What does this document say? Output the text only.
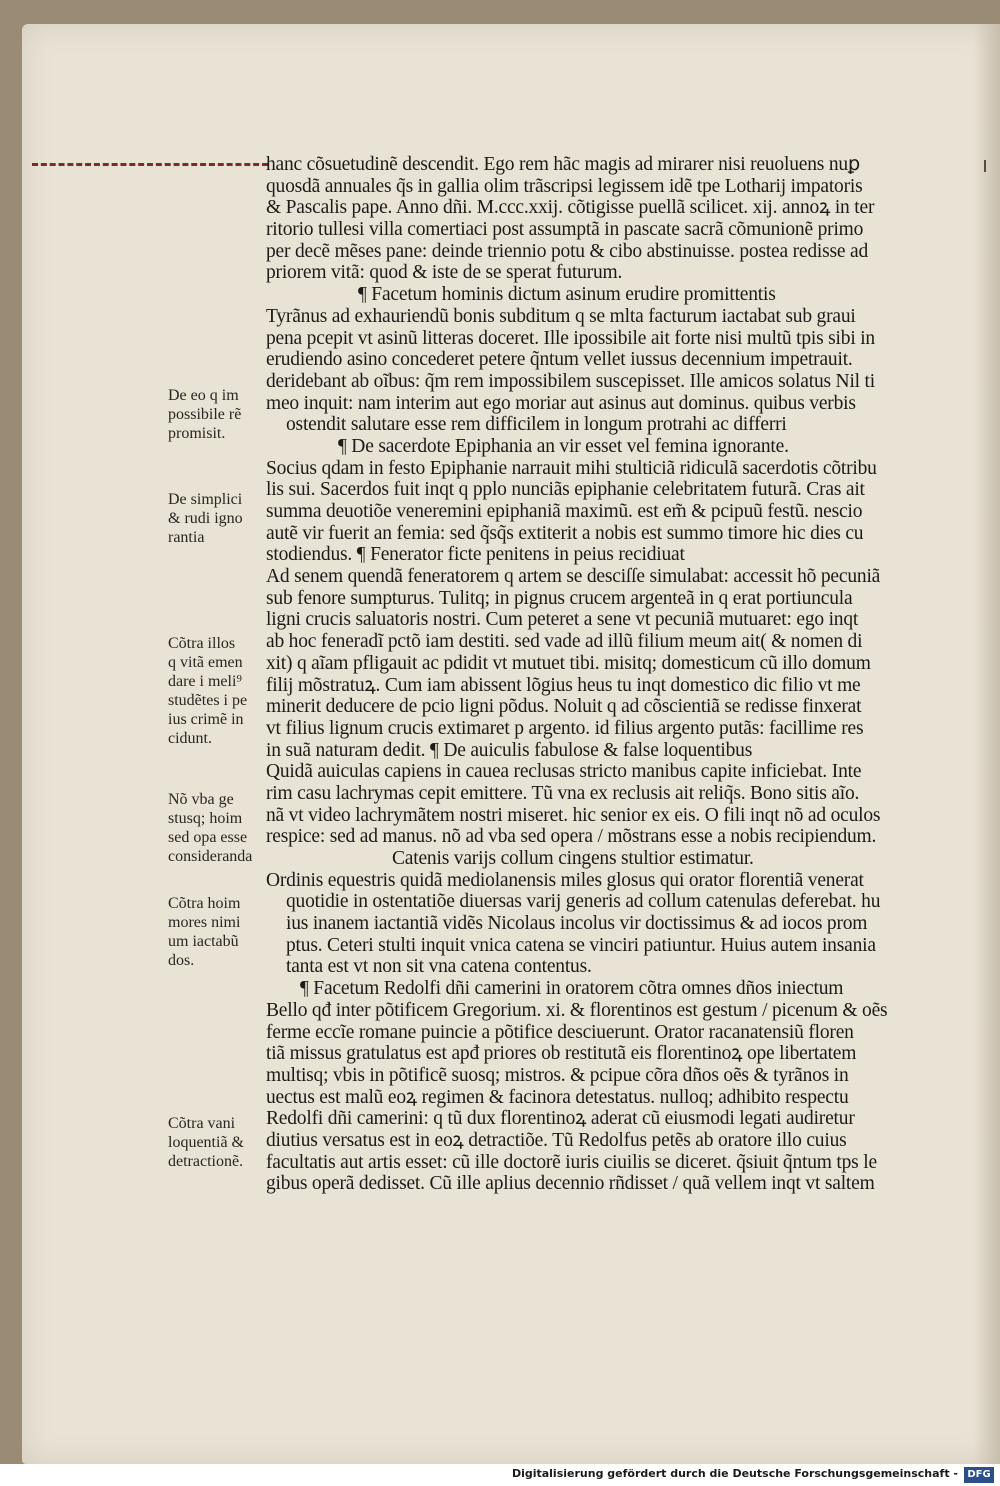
hanc cõsuetudinẽ descendit. Ego rem hãc magis ad mirarer nisi reuoluens nuꝑ
quosdã annuales q̃s in gallia olim trãscripsi legissem idẽ tpe Lotharij impatoris
& Pascalis pape. Anno dñi. M.ccc.xxij. cõtigisse puellã scilicet. xij. annoꝝ in ter
ritorio tullesi villa comertiaci post assumptã in pascate sacrã cõmunionẽ primo
per decẽ mẽses pane: deinde triennio potu & cibo abstinuisse. postea redisse ad
priorem vitã: quod & iste de se sperat futurum.
¶ Facetum hominis dictum asinum erudire promittentis
Tyrãnus ad exhauriendũ bonis subditum q se mlta facturum iactabat sub graui
pena pcepit vt asinũ litteras doceret. Ille ipossibile ait forte nisi multũ tpis sibi in
erudiendo asino concederet petere q̃ntum vellet iussus decennium impetrauit.
deridebant ab oĩbus: q̃m rem impossibilem suscepisset. Ille amicos solatus Nil ti
meo inquit: nam interim aut ego moriar aut asinus aut dominus. quibus verbis
ostendit salutare esse rem difficilem in longum protrahi ac differri
¶ De sacerdote Epiphania an vir esset vel femina ignorante.
Socius qdam in festo Epiphanie narrauit mihi stulticiã ridiculã sacerdotis cõtribu
lis sui. Sacerdos fuit inqt q pplo nunciãs epiphanie celebritatem futurã. Cras ait
summa deuotiõe veneremini epiphaniã maximũ. est em̃ & pcipuũ festũ. nescio
autẽ vir fuerit an femia: sed q̃sq̃s extiterit a nobis est summo timore hic dies cu
stodiendus. ¶ Fenerator ficte penitens in peius recidiuat
Ad senem quendã feneratorem q artem se desciſſe simulabat: accessit hõ pecuniã
sub fenore sumpturus. Tulitq; in pignus crucem argenteã in q erat portiuncula
ligni crucis saluatoris nostri. Cum peteret a sene vt pecuniã mutuaret: ego inqt
ab hoc feneradĩ pctõ iam destiti. sed vade ad illũ filium meum ait( & nomen di
xit) q aĩam pfligauit ac pdidit vt mutuet tibi. misitq; domesticum cũ illo domum
filij mõstratuꝝ. Cum iam abissent lõgius heus tu inqt domestico dic filio vt me
minerit deducere de pcio ligni põdus. Noluit q ad cõscientiã se redisse finxerat
vt filius lignum crucis extimaret p argento. id filius argento putãs: facillime res
in suã naturam dedit. ¶ De auiculis fabulose & false loquentibus
Quidã auiculas capiens in cauea reclusas stricto manibus capite inficiebat. Inte
rim casu lachrymas cepit emittere. Tũ vna ex reclusis ait reliq̃s. Bono sitis aĩo.
nã vt video lachrymãtem nostri miseret. hic senior ex eis. O fili inqt nõ ad oculos
respice: sed ad manus. nõ ad vba sed opera / mõstrans esse a nobis recipiendum.
Catenis varijs collum cingens stultior estimatur.
Ordinis equestris quidã mediolanensis miles glosus qui orator florentiã venerat
quotidie in ostentatiõe diuersas varij generis ad collum catenulas deferebat. hu
ius inanem iactantiã vidẽs Nicolaus incolus vir doctissimus & ad iocos prom
ptus. Ceteri stulti inquit vnica catena se vinciri patiuntur. Huius autem insania
tanta est vt non sit vna catena contentus.
¶ Facetum Redolfi dñi camerini in oratorem cõtra omnes dños iniectum
Bello qđ inter põtificem Gregorium. xi. & florentinos est gestum / picenum & oẽs
ferme eccĩe romane puincie a põtifice desciuerunt. Orator racanatensiũ floren
tiã missus gratulatus est apđ priores ob restitutã eis florentinoꝝ ope libertatem
multisq; vbis in põtificẽ suosq; mistros. & pcipue cõra dños oẽs & tyrãnos in
uectus est malũ eoꝝ regimen & facinora detestatus. nulloq; adhibito respectu
Redolfi dñi camerini: q tũ dux florentinoꝝ aderat cũ eiusmodi legati audiretur
diutius versatus est in eoꝝ detractiõe. Tũ Redolfus petẽs ab oratore illo cuius
facultatis aut artis esset: cũ ille doctorẽ iuris ciuilis se diceret. q̃siuit q̃ntum tps le
gibus operã dedisset. Cũ ille aplius decennio rñdisset / quã vellem inqt vt saltem
De eo q im
possibile rẽ
promisit.
De simplici
& rudi igno
rantia
Cõtra illos
q vitã emen
dare i meli⁹
studẽtes i pe
ius crimẽ in
cidunt.
Nõ vba ge
stusq; hoim
sed opa esse
consideranda
Cõtra hoim
mores nimi
um iactabũ
dos.
Cõtra vani
loquentiã &
detractionẽ.
Digitalisierung gefördert durch die Deutsche Forschungsgemeinschaft - DFG
